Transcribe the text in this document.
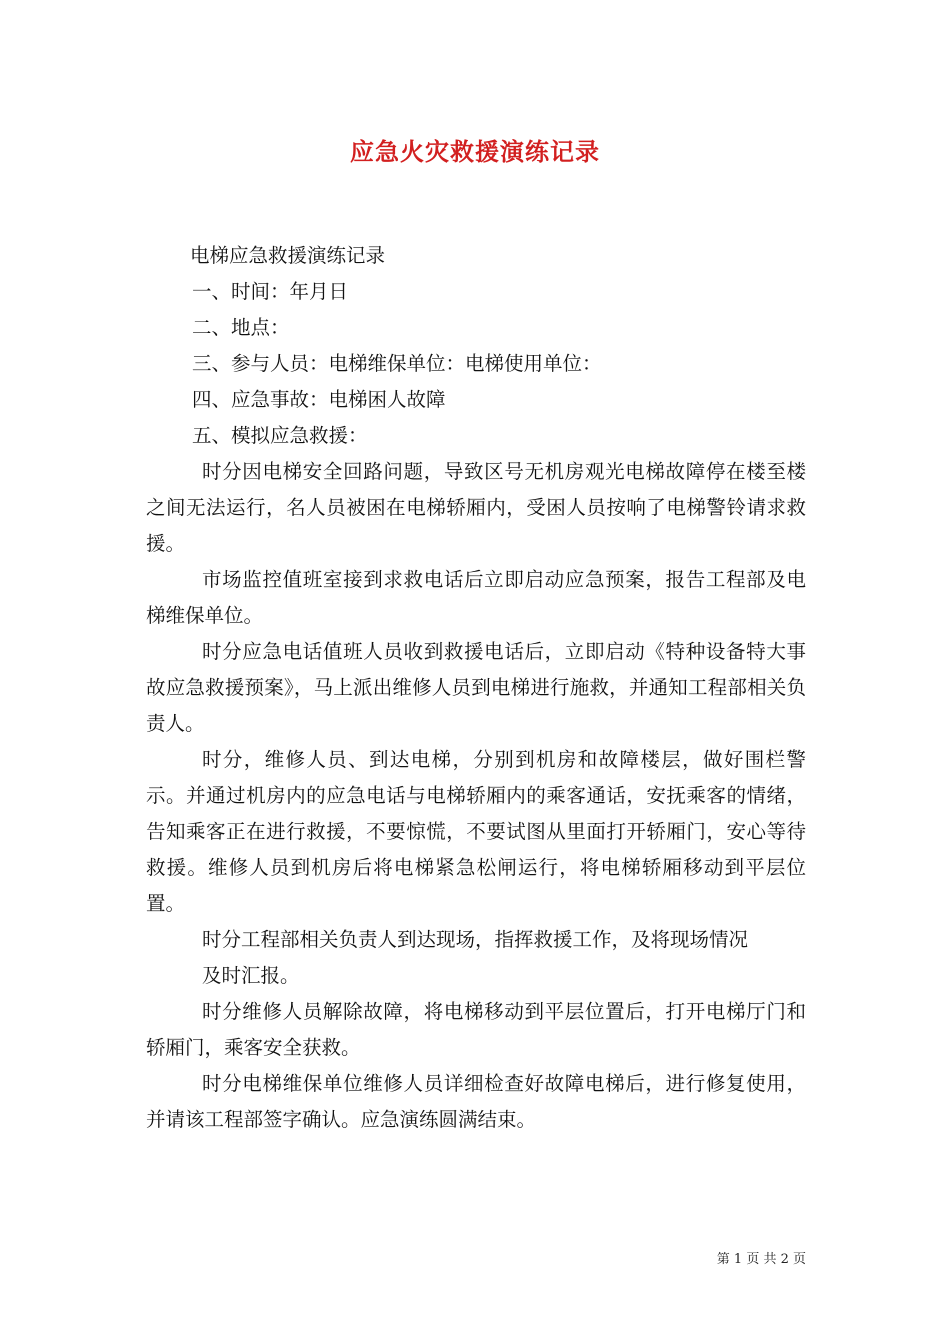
应急火灾救援演练记录

电梯应急救援演练记录

一、时间：年月日

二、地点：

三、参与人员：电梯维保单位：电梯使用单位：

四、应急事故：电梯困人故障

五、模拟应急救援：

时分因电梯安全回路问题，导致区号无机房观光电梯故障停在楼至楼之间无法运行，名人员被困在电梯轿厢内，受困人员按响了电梯警铃请求救援。

市场监控值班室接到求救电话后立即启动应急预案，报告工程部及电梯维保单位。

时分应急电话值班人员收到救援电话后，立即启动《特种设备特大事故应急救援预案》，马上派出维修人员到电梯进行施救，并通知工程部相关负责人。

时分，维修人员、到达电梯，分别到机房和故障楼层，做好围栏警示。并通过机房内的应急电话与电梯轿厢内的乘客通话，安抚乘客的情绪，告知乘客正在进行救援，不要惊慌，不要试图从里面打开轿厢门，安心等待救援。维修人员到机房后将电梯紧急松闸运行，将电梯轿厢移动到平层位置。

时分工程部相关负责人到达现场，指挥救援工作，及将现场情况

及时汇报。

时分维修人员解除故障，将电梯移动到平层位置后，打开电梯厅门和轿厢门，乘客安全获救。

时分电梯维保单位维修人员详细检查好故障电梯后，进行修复使用，并请该工程部签字确认。应急演练圆满结束。

第 1 页 共 2 页
